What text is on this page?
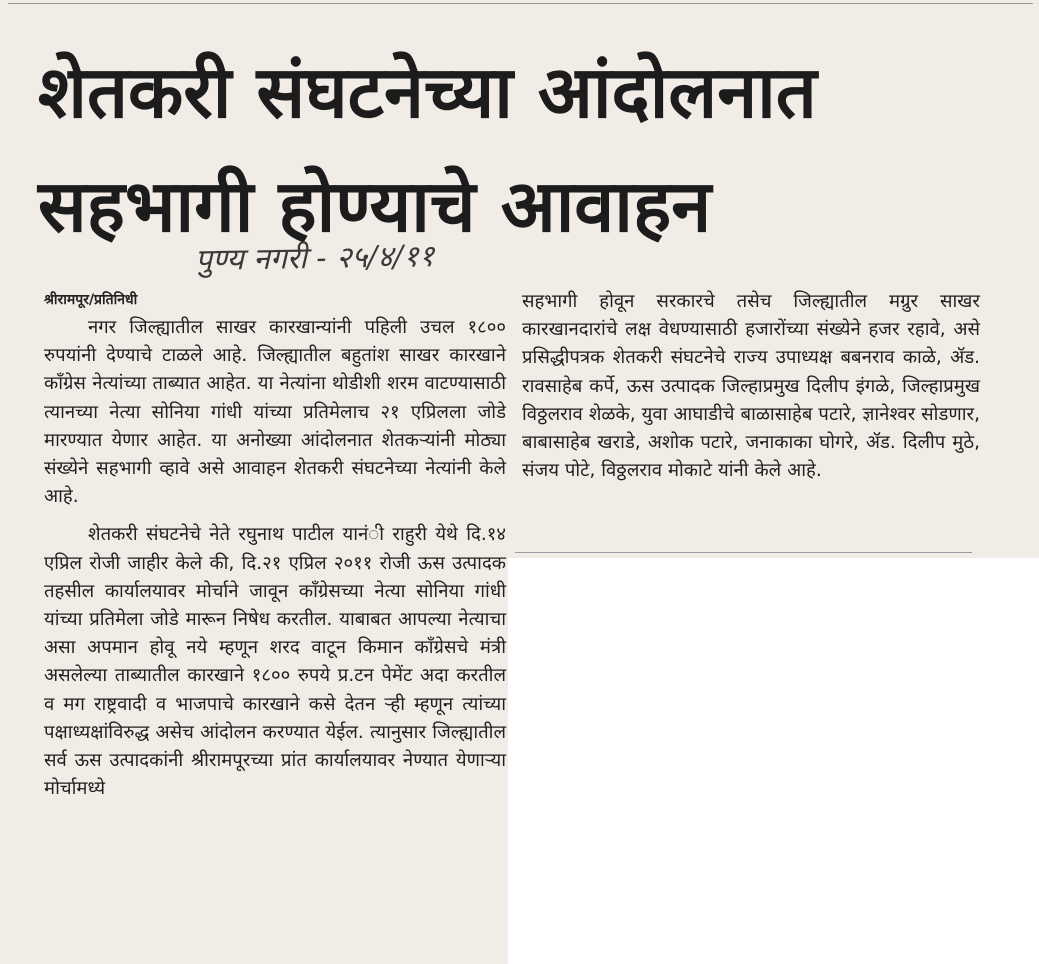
शेतकरी संघटनेच्या आंदोलनात
सहभागी होण्याचे आवाहन
पुण्य नगरी - २५/४/११
श्रीरामपूर/प्रतिनिधी

नगर जिल्ह्यातील साखर कारखान्यांनी पहिली उचल १८०० रुपयांनी देण्याचे टाळले आहे. जिल्ह्यातील बहुतांश साखर कारखाने काँग्रेस नेत्यांच्या ताब्यात आहेत. या नेत्यांना थोडीशी शरम वाटण्यासाठी त्यानच्या नेत्या सोनिया गांधी यांच्या प्रतिमेलाच २१ एप्रिलला जोडे मारण्यात येणार आहेत. या अनोख्या आंदोलनात शेतकऱ्यांनी मोठ्या संख्येने सहभागी व्हावे असे आवाहन शेतकरी संघटनेच्या नेत्यांनी केले आहे.

शेतकरी संघटनेचे नेते रघुनाथ पाटील यानंी राहुरी येथे दि.१४ एप्रिल रोजी जाहीर केले की, दि.२१ एप्रिल २०११ रोजी ऊस उत्पादक तहसील कार्यालयावर मोर्चाने जावून काँग्रेसच्या नेत्या सोनिया गांधी यांच्या प्रतिमेला जोडे मारून निषेध करतील. याबाबत आपल्या नेत्याचा असा अपमान होवू नये म्हणून शरद वाटून किमान काँग्रेसचे मंत्री असलेल्या ताब्यातील कारखाने १८०० रुपये प्र.टन पेमेंट अदा करतील व मग राष्ट्रवादी व भाजपाचे कारखाने कसे देतन ऱ्ही म्हणून त्यांच्या पक्षाध्यक्षांविरुद्ध असेच आंदोलन करण्यात येईल. त्यानुसार जिल्ह्यातील सर्व ऊस उत्पादकांनी श्रीरामपूरच्या प्रांत कार्यालयावर नेण्यात येणाऱ्या मोर्चामध्ये

सहभागी होवून सरकारचे तसेच जिल्ह्यातील मग्रुर साखर कारखानदारांचे लक्ष वेधण्यासाठी हजारोंच्या संख्येने हजर रहावे, असे प्रसिद्धीपत्रक शेतकरी संघटनेचे राज्य उपाध्यक्ष बबनराव काळे, ॲड. रावसाहेब कर्पे, ऊस उत्पादक जिल्हाप्रमुख दिलीप इंगळे, जिल्हाप्रमुख विठ्ठलराव शेळके, युवा आघाडीचे बाळासाहेब पटारे, ज्ञानेश्वर सोडणार, बाबासाहेब खराडे, अशोक पटारे, जनाकाका घोगरे, ॲड. दिलीप मुठे, संजय पोटे, विठ्ठलराव मोकाटे यांनी केले आहे.
